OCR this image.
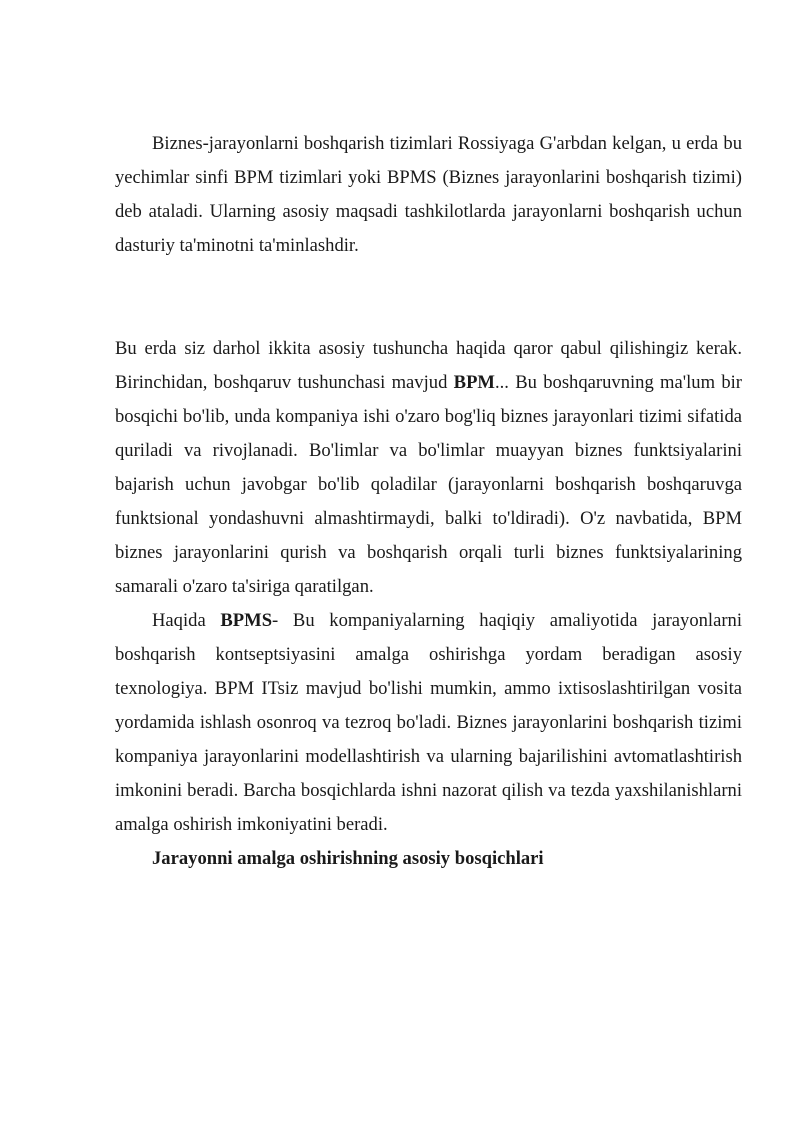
Biznes-jarayonlarni boshqarish tizimlari Rossiyaga G'arbdan kelgan, u erda bu yechimlar sinfi BPM tizimlari yoki BPMS (Biznes jarayonlarini boshqarish tizimi) deb ataladi. Ularning asosiy maqsadi tashkilotlarda jarayonlarni boshqarish uchun dasturiy ta'minotni ta'minlashdir.

Bu erda siz darhol ikkita asosiy tushuncha haqida qaror qabul qilishingiz kerak. Birinchidan, boshqaruv tushunchasi mavjud BPM... Bu boshqaruvning ma'lum bir bosqichi bo'lib, unda kompaniya ishi o'zaro bog'liq biznes jarayonlari tizimi sifatida quriladi va rivojlanadi. Bo'limlar va bo'limlar muayyan biznes funktsiyalarini bajarish uchun javobgar bo'lib qoladilar (jarayonlarni boshqarish boshqaruvga funktsional yondashuvni almashtirmaydi, balki to'ldiradi). O'z navbatida, BPM biznes jarayonlarini qurish va boshqarish orqali turli biznes funktsiyalarining samarali o'zaro ta'siriga qaratilgan.

Haqida BPMS- Bu kompaniyalarning haqiqiy amaliyotida jarayonlarni boshqarish kontseptsiyasini amalga oshirishga yordam beradigan asosiy texnologiya. BPM ITsiz mavjud bo'lishi mumkin, ammo ixtisoslashtirilgan vosita yordamida ishlash osonroq va tezroq bo'ladi. Biznes jarayonlarini boshqarish tizimi kompaniya jarayonlarini modellashtirish va ularning bajarilishini avtomatlashtirish imkonini beradi. Barcha bosqichlarda ishni nazorat qilish va tezda yaxshilanishlarni amalga oshirish imkoniyatini beradi.

Jarayonni amalga oshirishning asosiy bosqichlari
